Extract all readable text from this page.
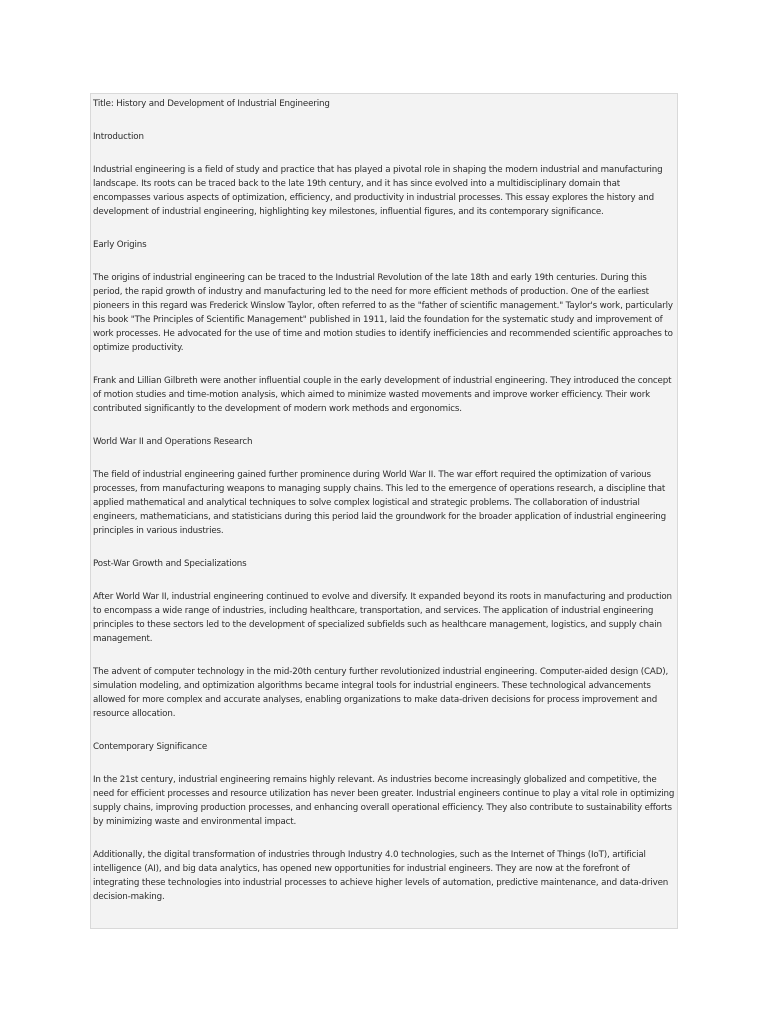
Title: History and Development of Industrial Engineering
Introduction
Industrial engineering is a field of study and practice that has played a pivotal role in shaping the modern industrial and manufacturing landscape. Its roots can be traced back to the late 19th century, and it has since evolved into a multidisciplinary domain that encompasses various aspects of optimization, efficiency, and productivity in industrial processes. This essay explores the history and development of industrial engineering, highlighting key milestones, influential figures, and its contemporary significance.
Early Origins
The origins of industrial engineering can be traced to the Industrial Revolution of the late 18th and early 19th centuries. During this period, the rapid growth of industry and manufacturing led to the need for more efficient methods of production. One of the earliest pioneers in this regard was Frederick Winslow Taylor, often referred to as the "father of scientific management." Taylor's work, particularly his book "The Principles of Scientific Management" published in 1911, laid the foundation for the systematic study and improvement of work processes. He advocated for the use of time and motion studies to identify inefficiencies and recommended scientific approaches to optimize productivity.
Frank and Lillian Gilbreth were another influential couple in the early development of industrial engineering. They introduced the concept of motion studies and time-motion analysis, which aimed to minimize wasted movements and improve worker efficiency. Their work contributed significantly to the development of modern work methods and ergonomics.
World War II and Operations Research
The field of industrial engineering gained further prominence during World War II. The war effort required the optimization of various processes, from manufacturing weapons to managing supply chains. This led to the emergence of operations research, a discipline that applied mathematical and analytical techniques to solve complex logistical and strategic problems. The collaboration of industrial engineers, mathematicians, and statisticians during this period laid the groundwork for the broader application of industrial engineering principles in various industries.
Post-War Growth and Specializations
After World War II, industrial engineering continued to evolve and diversify. It expanded beyond its roots in manufacturing and production to encompass a wide range of industries, including healthcare, transportation, and services. The application of industrial engineering principles to these sectors led to the development of specialized subfields such as healthcare management, logistics, and supply chain management.
The advent of computer technology in the mid-20th century further revolutionized industrial engineering. Computer-aided design (CAD), simulation modeling, and optimization algorithms became integral tools for industrial engineers. These technological advancements allowed for more complex and accurate analyses, enabling organizations to make data-driven decisions for process improvement and resource allocation.
Contemporary Significance
In the 21st century, industrial engineering remains highly relevant. As industries become increasingly globalized and competitive, the need for efficient processes and resource utilization has never been greater. Industrial engineers continue to play a vital role in optimizing supply chains, improving production processes, and enhancing overall operational efficiency. They also contribute to sustainability efforts by minimizing waste and environmental impact.
Additionally, the digital transformation of industries through Industry 4.0 technologies, such as the Internet of Things (IoT), artificial intelligence (AI), and big data analytics, has opened new opportunities for industrial engineers. They are now at the forefront of integrating these technologies into industrial processes to achieve higher levels of automation, predictive maintenance, and data-driven decision-making.
